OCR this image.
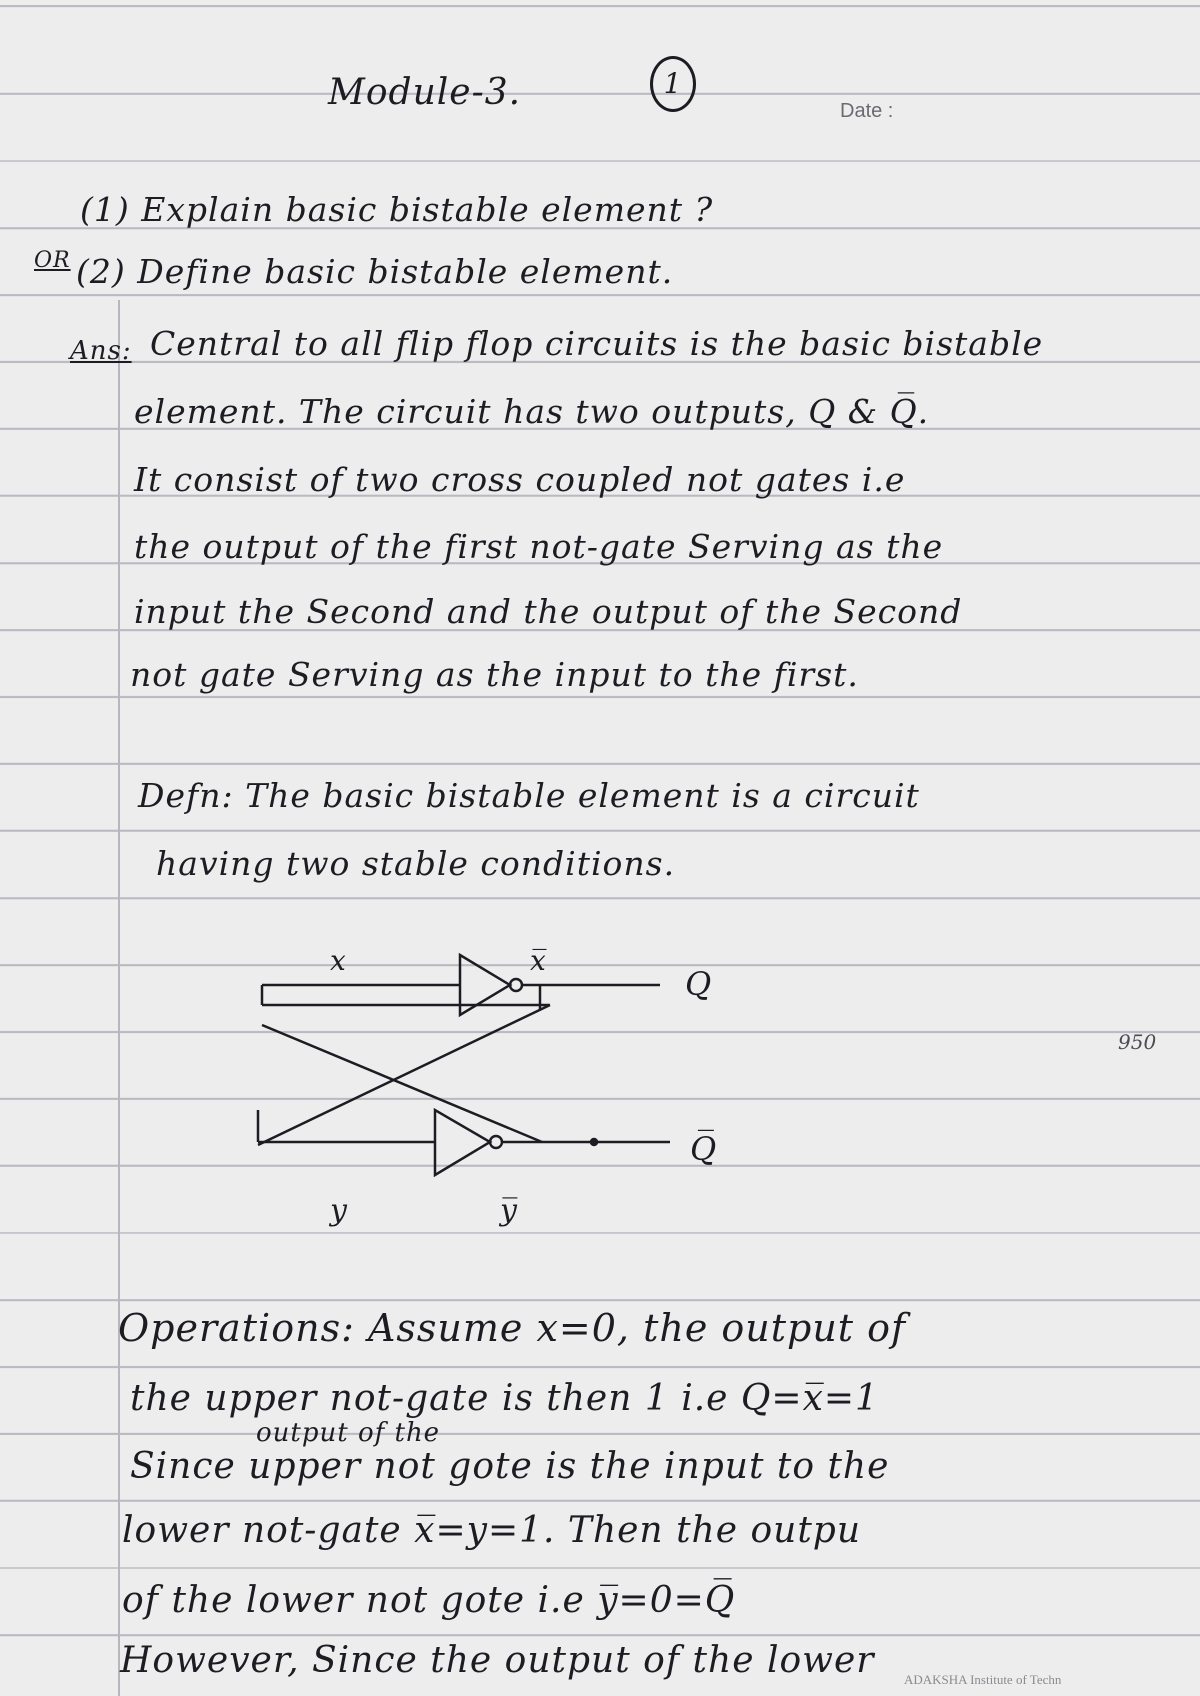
Module-3.	1
Date :
(1) Explain basic bistable element ?
OR (2) Define basic bistable element.
Ans: Central to all flip flop circuits is the basic bistable
element. The circuit has two outputs, Q & Q̅.
It consist of two cross coupled not gates i.e
the output of the first not-gate Serving as the
input the Second and the output of the Second
not gate Serving as the input to the first.
Defn: The basic bistable element is a circuit
having two stable conditions.
x	x̅
Q
Q̅
y	y̅
950
Operations: Assume x=0, the output of
the upper not-gate is then 1 i.e Q=x̅=1
output of the
Since upper not gote is the input to the
lower not-gate x̅=y=1. Then the outpu
of the lower not gote i.e y̅=0=Q̅
However, Since the output of the lower ADAKSHA Institute of Techn
